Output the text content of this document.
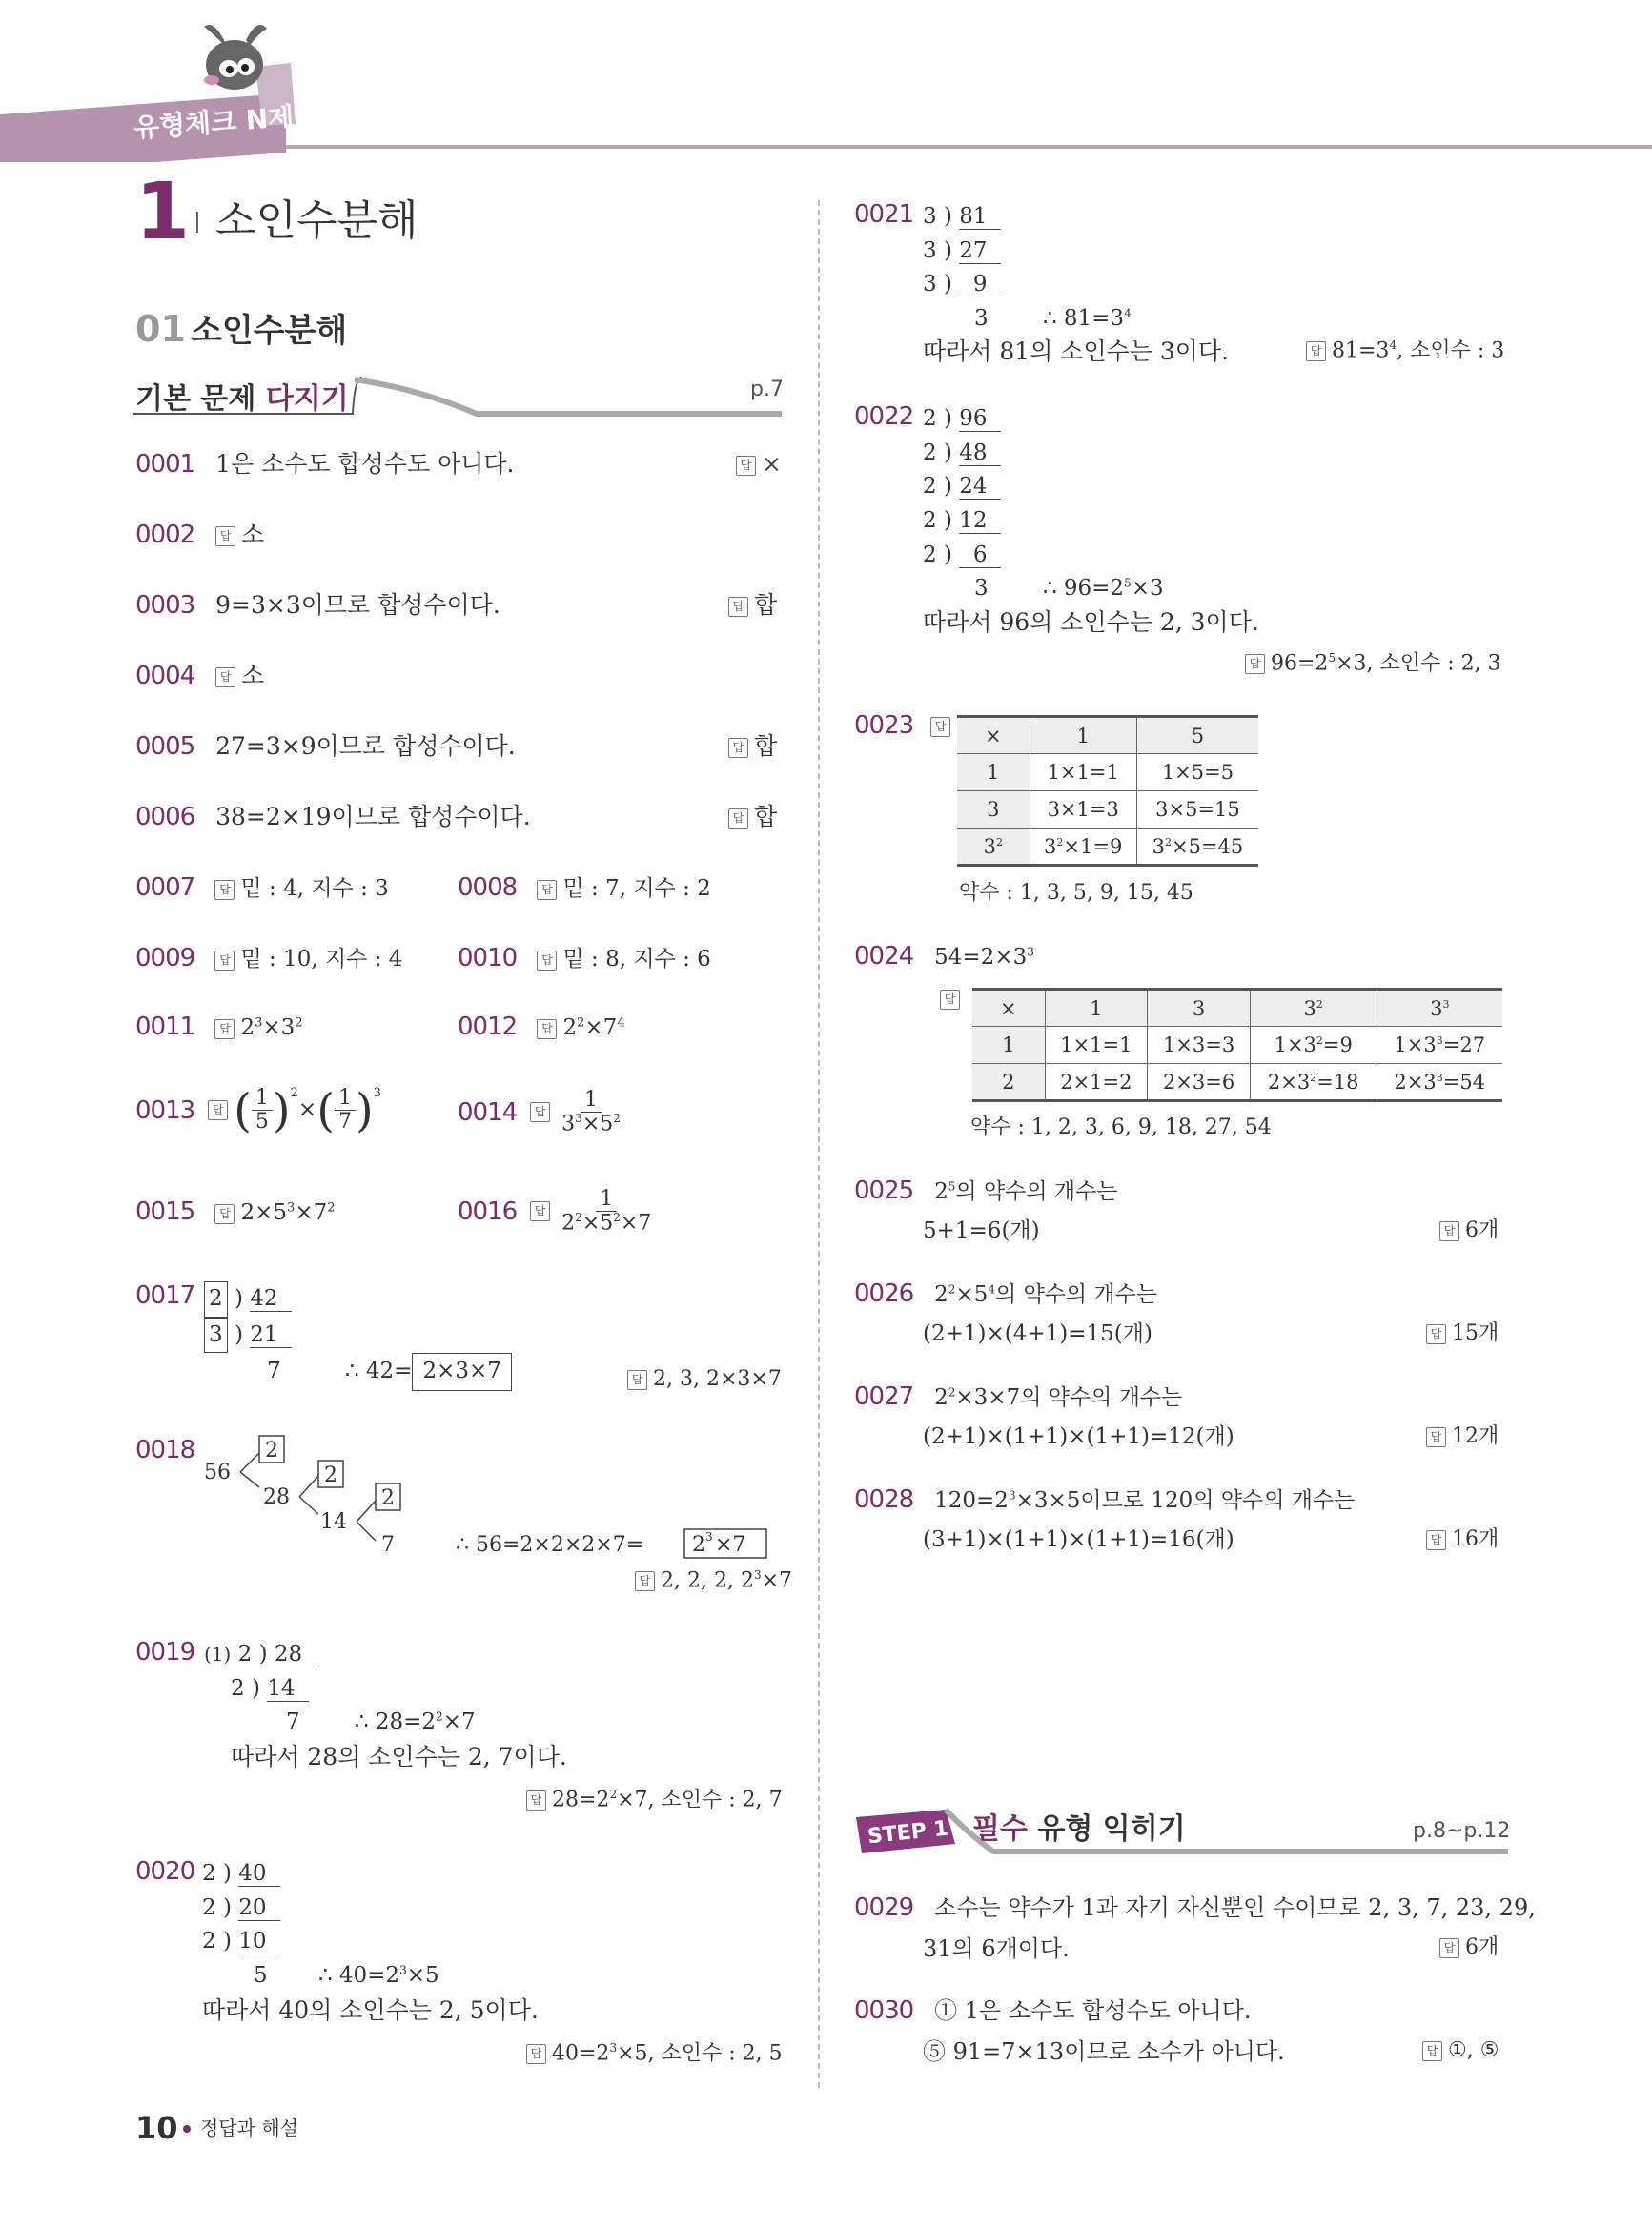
유형체크 N제
1 소인수분해
01 소인수분해
기본 문제 다지기	p.7
0001 1은 소수도 합성수도 아니다.	답 ×
0002 답 소
0003 9=3×3이므로 합성수이다.	답 합
0004 답 소
0005 27=3×9이므로 합성수이다.	답 합
0006 38=2×19이므로 합성수이다.	답 합
0007 답 밑 : 4, 지수 : 3	0008 답 밑 : 7, 지수 : 2
0009 답 밑 : 10, 지수 : 4 0010 답 밑 : 8, 지수 : 6
0011 답 $2^3\times 3^2$	0012 답 $2^2\times 7^4$
0013	답 ( $\frac{1}{5} )^2$
× ( $\frac{1}{7} )^3$
0014	답 $\frac{1}{3^3\times 5^2}$
0015 답 $2\times 5^3\times 7^2$	0016	답 $\frac{1}{2^2\times 5^2\times 7}$
0017 2 ) 42
3 ) 21
7	∴ 42= 2×3×7	답 2, 3, 2×3×7
0018
56
2
28
2
14
2
7	∴ 56=2×2×2×7= 2 3 ×7
답 2, 2, 2, $2^3\times 7$
0019 (1) 2 ) 28
2 ) 14
7 ∴ $28=2^2\times 7$
따라서 28의 소인수는 2, 7이다.
답 $28=2^2\times 7$, 소인수 : 2, 7
0020 2 ) 40
2 ) 20
2 ) 10
5 ∴ $40=2^3\times 5$
따라서 40의 소인수는 2, 5이다.
답 $40=2^3\times 5$, 소인수 : 2, 5
0021 3 ) 81
3 ) 27
3 )   9
3 ∴ $81=3^4$
따라서 81의 소인수는 3이다.	답 $81=3^4$, 소인수 : 3
0022 2 ) 96
2 ) 48
2 ) 24
2 ) 12
2 )   6
3 ∴ $96=2^5\times 3$
따라서 96의 소인수는 2, 3이다.
답 $96=2^5\times 3$, 소인수 : 2, 3
0023 답	×	1	5
1	1×1=1	1×5=5
3	3×1=3	3×5=15
$3^2$	$3^2\times 1=9$	$3^2\times 5=45$
약수 : 1, 3, 5, 9, 15, 45
0024 $54=2\times 3^3$
답	×	1	3	$3^2$	$3^3$
1	1×1=1	1×3=3	$1\times 3^2=9$	$1\times 3^3=27$
2	2×1=2	2×3=6	$2\times 3^2=18$	$2\times 3^3=54$
약수 : 1, 2, 3, 6, 9, 18, 27, 54
0025 $2^5$의 약수의 개수는
5+1=6(개)	답 6개
0026 $2^2\times 5^4$의 약수의 개수는
(2+1)×(4+1)=15(개)	답 15개
0027 $2^2\times 3\times 7$의 약수의 개수는
(2+1)×(1+1)×(1+1)=12(개)	답 12개
0028 $120=2^3\times 3\times 5$이므로 120의 약수의 개수는
(3+1)×(1+1)×(1+1)=16(개)	답 16개
STEP 1 필수 유형 익히기	p.8~p.12
0029 소수는 약수가 1과 자기 자신뿐인 수이므로 2, 3, 7, 23, 29,
31의 6개이다.	답 6개
0030 ① 1은 소수도 합성수도 아니다.
⑤ 91=7×13이므로 소수가 아니다.	답 ①, ⑤
10 정답과 해설
